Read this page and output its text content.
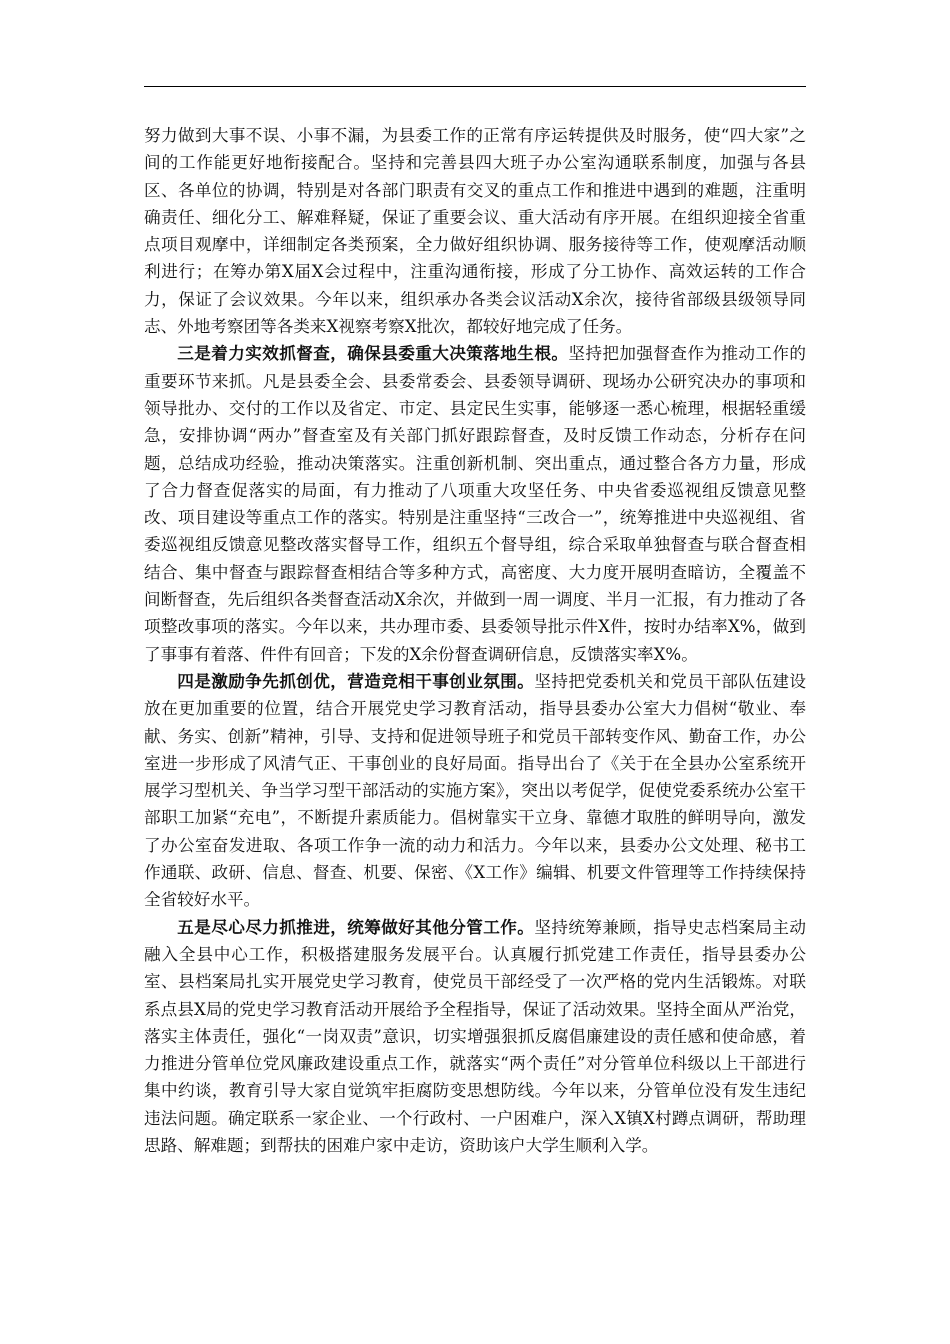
努力做到大事不误、小事不漏，为县委工作的正常有序运转提供及时服务，使“四大家”之间的工作能更好地衔接配合。坚持和完善县四大班子办公室沟通联系制度，加强与各县区、各单位的协调，特别是对各部门职责有交叉的重点工作和推进中遇到的难题，注重明确责任、细化分工、解难释疑，保证了重要会议、重大活动有序开展。在组织迎接全省重点项目观摩中，详细制定各类预案，全力做好组织协调、服务接待等工作，使观摩活动顺利进行；在筹办第X届X会过程中，注重沟通衔接，形成了分工协作、高效运转的工作合力，保证了会议效果。今年以来，组织承办各类会议活动X余次，接待省部级县级领导同志、外地考察团等各类来X视察考察X批次，都较好地完成了任务。

三是着力实效抓督查，确保县委重大决策落地生根。坚持把加强督查作为推动工作的重要环节来抓。凡是县委全会、县委常委会、县委领导调研、现场办公研究决办的事项和领导批办、交付的工作以及省定、市定、县定民生实事，能够逐一悉心梳理，根据轻重缓急，安排协调“两办”督查室及有关部门抓好跟踪督查，及时反馈工作动态，分析存在问题，总结成功经验，推动决策落实。注重创新机制、突出重点，通过整合各方力量，形成了合力督查促落实的局面，有力推动了八项重大攻坚任务、中央省委巡视组反馈意见整改、项目建设等重点工作的落实。特别是注重坚持“三改合一”，统筹推进中央巡视组、省委巡视组反馈意见整改落实督导工作，组织五个督导组，综合采取单独督查与联合督查相结合、集中督查与跟踪督查相结合等多种方式，高密度、大力度开展明查暗访，全覆盖不间断督查，先后组织各类督查活动X余次，并做到一周一调度、半月一汇报，有力推动了各项整改事项的落实。今年以来，共办理市委、县委领导批示件X件，按时办结率X%，做到了事事有着落、件件有回音；下发的X余份督查调研信息，反馈落实率X%。

四是激励争先抓创优，营造竞相干事创业氛围。坚持把党委机关和党员干部队伍建设放在更加重要的位置，结合开展党史学习教育活动，指导县委办公室大力倡树“敬业、奉献、务实、创新”精神，引导、支持和促进领导班子和党员干部转变作风、勤奋工作，办公室进一步形成了风清气正、干事创业的良好局面。指导出台了《关于在全县办公室系统开展学习型机关、争当学习型干部活动的实施方案》，突出以考促学，促使党委系统办公室干部职工加紧“充电”，不断提升素质能力。倡树靠实干立身、靠德才取胜的鲜明导向，激发了办公室奋发进取、各项工作争一流的动力和活力。今年以来，县委办公文处理、秘书工作通联、政研、信息、督查、机要、保密、《X工作》编辑、机要文件管理等工作持续保持全省较好水平。

五是尽心尽力抓推进，统筹做好其他分管工作。坚持统筹兼顾，指导史志档案局主动融入全县中心工作，积极搭建服务发展平台。认真履行抓党建工作责任，指导县委办公室、县档案局扎实开展党史学习教育，使党员干部经受了一次严格的党内生活锻炼。对联系点县X局的党史学习教育活动开展给予全程指导，保证了活动效果。坚持全面从严治党，落实主体责任，强化“一岗双责”意识，切实增强狠抓反腐倡廉建设的责任感和使命感，着力推进分管单位党风廉政建设重点工作，就落实“两个责任”对分管单位科级以上干部进行集中约谈，教育引导大家自觉筑牢拒腐防变思想防线。今年以来，分管单位没有发生违纪违法问题。确定联系一家企业、一个行政村、一户困难户，深入X镇X村蹲点调研，帮助理思路、解难题；到帮扶的困难户家中走访，资助该户大学生顺利入学。
